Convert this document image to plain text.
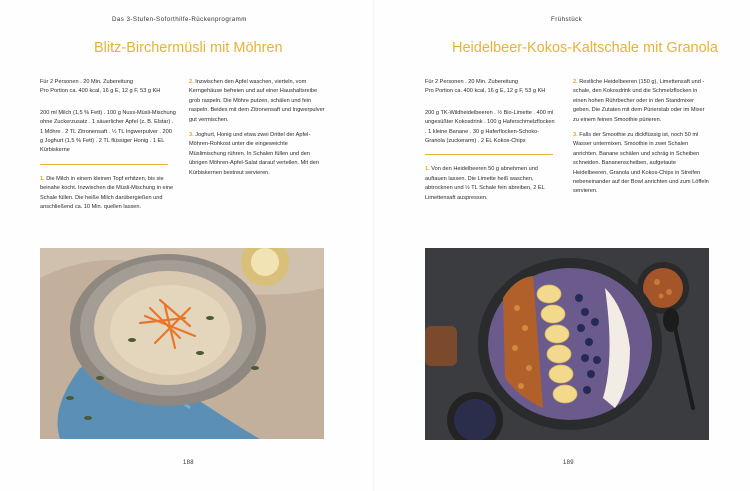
Das 3-Stufen-Soforthilfe-Rückenprogramm
Blitz-Birchermüsli mit Möhren
Für 2 Personen . 20 Min. Zubereitung
Pro Portion ca. 400 kcal, 16 g E, 12 g F, 53 g KH

200 ml Milch (1,5 % Fett) . 100 g Nuss-Müsli-Mischung ohne Zuckerzusatz . 1 säuerlicher Apfel (z. B. Elstar) . 1 Möhre . 2 TL Zitronensaft . ½ TL Ingwerpulver . 200 g Joghurt (1,5 % Fett) . 2 TL flüssiger Honig . 1 EL Kürbiskerne

1. Die Milch in einem kleinen Topf erhitzen, bis sie beinahe kocht. Inzwischen die Müsli-Mischung in eine Schale füllen. Die heiße Milch darübergießen und anschließend ca. 10 Min. quellen lassen.

2. Inzwischen den Apfel waschen, vierteln, vom Kerngehäuse befreien und auf einer Haushaltsreibe grob raspeln. Die Möhre putzen, schälen und fein raspeln. Beides mit dem Zitronensaft und Ingwerpulver gut vermischen.

3. Joghurt, Honig und etwa zwei Drittel der Apfel-Möhren-Rohkost unter die eingeweichte Müslimischung rühren. In Schalen füllen und den übrigen Möhren-Apfel-Salat darauf verteilen. Mit den Kürbiskernen bestreut servieren.

188
Frühstück
Heidelbeer-Kokos-Kaltschale mit Granola
Für 2 Personen . 20 Min. Zubereitung
Pro Portion ca. 400 kcal, 16 g E, 12 g F, 53 g KH

200 g TK-Wildheidelbeeren . ½ Bio-Limette . 400 ml ungesüßter Kokosdrink . 100 g Haferschmelzflocken . 1 kleine Banane . 30 g Haferflocken-Schoko-Granola (zuckerarm) . 2 EL Kokos-Chips

1. Von den Heidelbeeren 50 g abnehmen und auftauen lassen. Die Limette heiß waschen, abtrocknen und ½ TL Schale fein abreiben, 2 EL Limettensaft auspressen.

2. Restliche Heidelbeeren (150 g), Limettensaft und -schale, den Kokosdrink und die Schmelzflocken in einen hohen Rührbecher oder in den Standmixer geben. Die Zutaten mit dem Pürierstab oder im Mixer zu einem feinen Smoothie pürieren.

3. Falls der Smoothie zu dickflüssig ist, noch 50 ml Wasser untermixen. Smoothie in zwei Schalen anrichten. Banane schälen und schräg in Scheiben schneiden. Bananenscheiben, aufgetaute Heidelbeeren, Granola und Kokos-Chips in Streifen nebeneinander auf der Bowl anrichten und zum Löffeln servieren.

189
